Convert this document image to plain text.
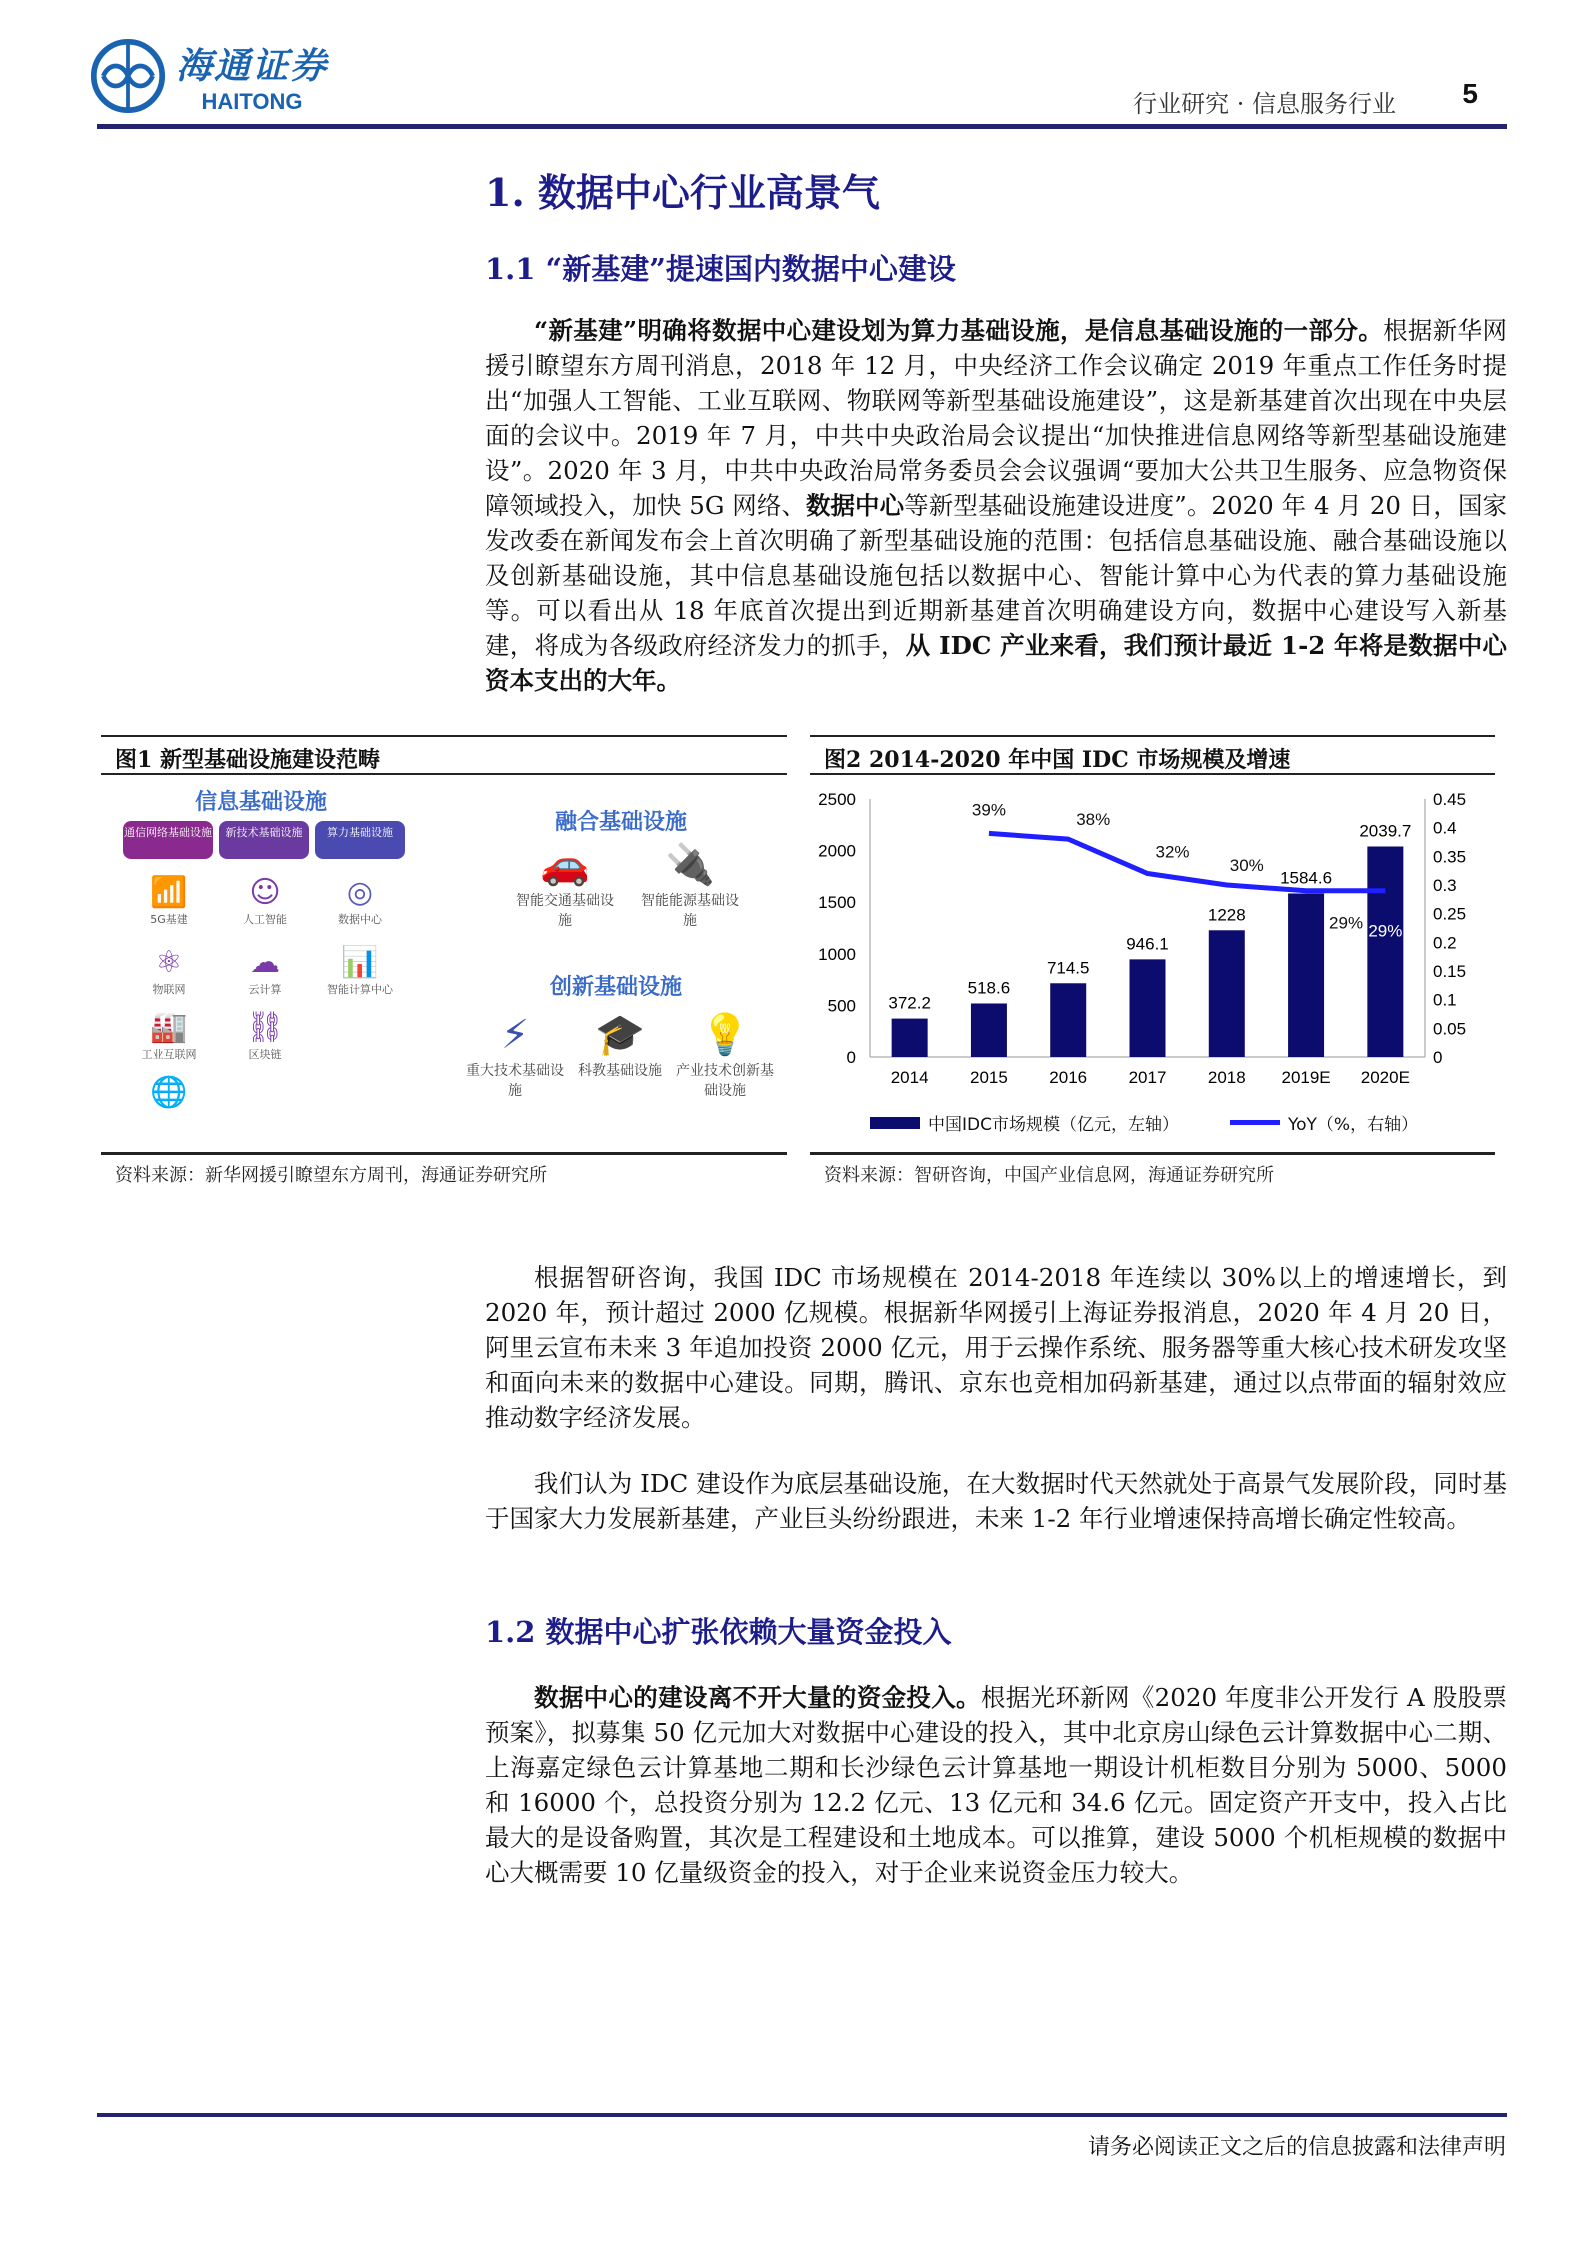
海通证券
HAITONG	行业研究 · 信息服务行业 5
1. 数据中心行业高景气
1.1 “新基建”提速国内数据中心建设
“新基建”明确将数据中心建设划为算力基础设施，是信息基础设施的一部分。根据新华网援引瞭望东方周刊消息，2018 年 12 月，中央经济工作会议确定 2019 年重点工作任务时提出“加强人工智能、工业互联网、物联网等新型基础设施建设”，这是新基建首次出现在中央层面的会议中。2019 年 7 月，中共中央政治局会议提出“加快推进信息网络等新型基础设施建设”。2020 年 3 月，中共中央政治局常务委员会会议强调“要加大公共卫生服务、应急物资保障领域投入，加快 5G 网络、数据中心等新型基础设施建设进度”。2020 年 4 月 20 日，国家发改委在新闻发布会上首次明确了新型基础设施的范围：包括信息基础设施、融合基础设施以及创新基础设施，其中信息基础设施包括以数据中心、智能计算中心为代表的算力基础设施等。可以看出从 18 年底首次提出到近期新基建首次明确建设方向，数据中心建设写入新基建，将成为各级政府经济发力的抓手，从 IDC 产业来看，我们预计最近 1-2 年将是数据中心资本支出的大年。
图1 新型基础设施建设范畴
信息基础设施
通信网络基础设施	新技术基础设施	算力基础设施
📶
5G基建
⚛
物联网
🏭
工业互联网
🌐
☺
人工智能
☁
云计算
⛓
区块链
◎
数据中心
📊
智能计算中心
融合基础设施
🚗
智能交通基础设施
🔌
智能能源基础设施
创新基础设施
⚡
重大技术基础设施
🎓
科教基础设施
💡
产业技术创新基础设施
资料来源：新华网援引瞭望东方周刊，海通证券研究所
图2 2014-2020 年中国 IDC 市场规模及增速
0
500
1000
1500
2000
2500
0
0.05
0.1
0.15
0.2
0.25
0.3
0.35
0.4
0.45
2014
372.2
2015
518.6
2016
714.5
2017
946.1
2018
1228
2019E
1584.6
2020E
2039.7
39%
38%
32%
30%
29% 29%
中国IDC市场规模（亿元，左轴）	YoY（%，右轴）
资料来源：智研咨询，中国产业信息网，海通证券研究所
根据智研咨询，我国 IDC 市场规模在 2014-2018 年连续以 30%以上的增速增长，到 2020 年，预计超过 2000 亿规模。根据新华网援引上海证券报消息，2020 年 4 月 20 日，阿里云宣布未来 3 年追加投资 2000 亿元，用于云操作系统、服务器等重大核心技术研发攻坚和面向未来的数据中心建设。同期，腾讯、京东也竞相加码新基建，通过以点带面的辐射效应推动数字经济发展。
我们认为 IDC 建设作为底层基础设施，在大数据时代天然就处于高景气发展阶段，同时基于国家大力发展新基建，产业巨头纷纷跟进，未来 1-2 年行业增速保持高增长确定性较高。
1.2 数据中心扩张依赖大量资金投入
数据中心的建设离不开大量的资金投入。根据光环新网《2020 年度非公开发行 A 股股票预案》，拟募集 50 亿元加大对数据中心建设的投入，其中北京房山绿色云计算数据中心二期、上海嘉定绿色云计算基地二期和长沙绿色云计算基地一期设计机柜数目分别为 5000、5000 和 16000 个，总投资分别为 12.2 亿元、13 亿元和 34.6 亿元。固定资产开支中，投入占比最大的是设备购置，其次是工程建设和土地成本。可以推算，建设 5000 个机柜规模的数据中心大概需要 10 亿量级资金的投入，对于企业来说资金压力较大。
请务必阅读正文之后的信息披露和法律声明
